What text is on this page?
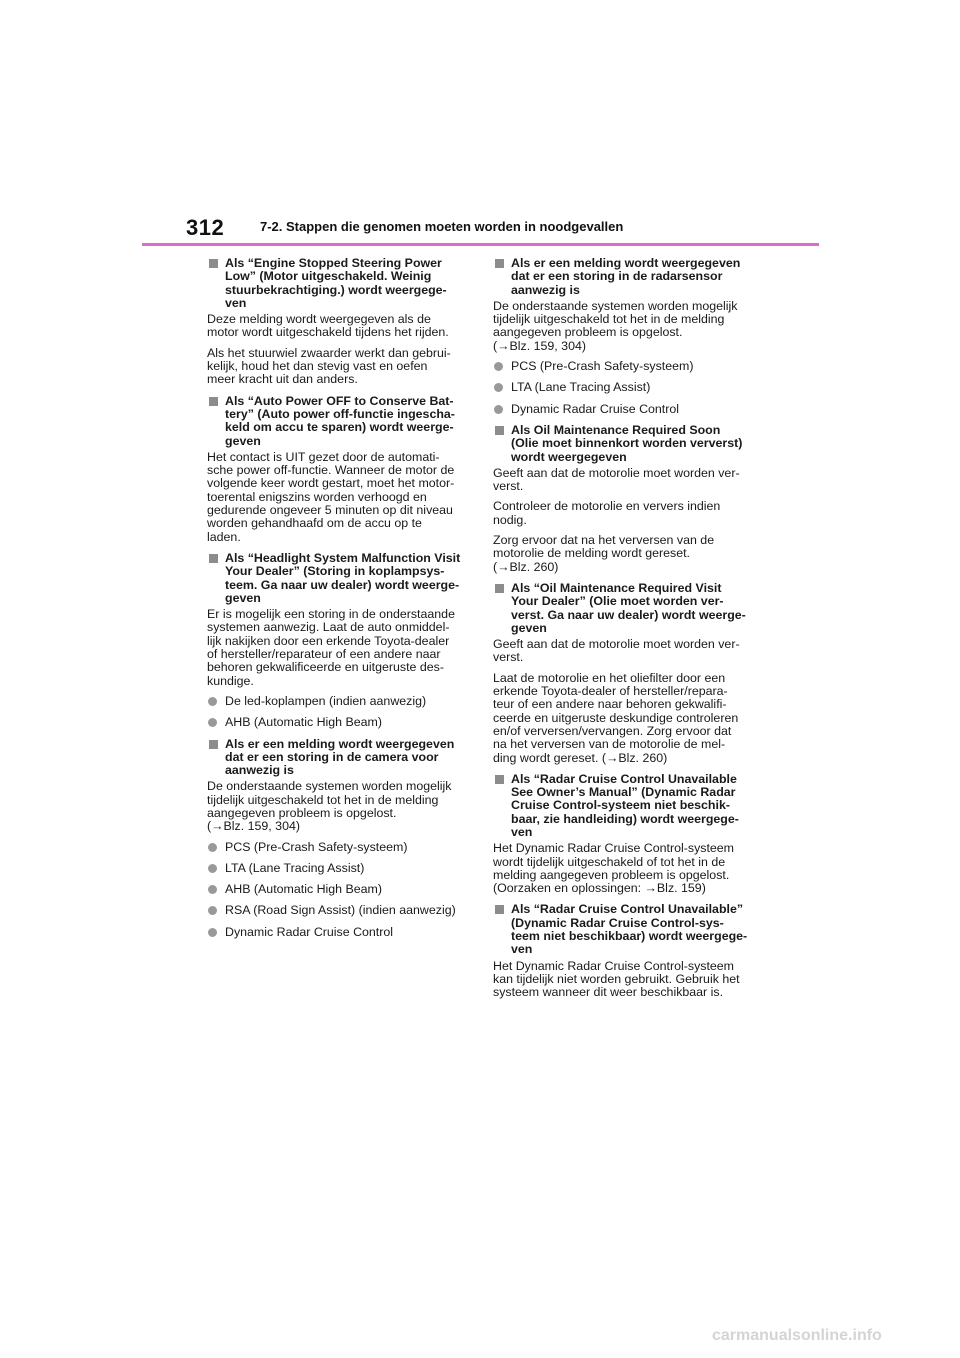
312	7-2. Stappen die genomen moeten worden in noodgevallen
Als “Engine Stopped Steering Power
Low” (Motor uitgeschakeld. Weinig
stuurbekrachtiging.) wordt weergege-
ven
Deze melding wordt weergegeven als de
motor wordt uitgeschakeld tijdens het rijden.
Als het stuurwiel zwaarder werkt dan gebrui-
kelijk, houd het dan stevig vast en oefen
meer kracht uit dan anders.
Als “Auto Power OFF to Conserve Bat-
tery” (Auto power off-functie ingescha-
keld om accu te sparen) wordt weerge-
geven
Het contact is UIT gezet door de automati-
sche power off-functie. Wanneer de motor de
volgende keer wordt gestart, moet het motor-
toerental enigszins worden verhoogd en
gedurende ongeveer 5 minuten op dit niveau
worden gehandhaafd om de accu op te
laden.
Als “Headlight System Malfunction Visit
Your Dealer” (Storing in koplampsys-
teem. Ga naar uw dealer) wordt weerge-
geven
Er is mogelijk een storing in de onderstaande
systemen aanwezig. Laat de auto onmiddel-
lijk nakijken door een erkende Toyota-dealer
of hersteller/reparateur of een andere naar
behoren gekwalificeerde en uitgeruste des-
kundige.
De led-koplampen (indien aanwezig)
AHB (Automatic High Beam)
Als er een melding wordt weergegeven
dat er een storing in de camera voor
aanwezig is
De onderstaande systemen worden mogelijk
tijdelijk uitgeschakeld tot het in de melding
aangegeven probleem is opgelost.
(→Blz. 159, 304)
PCS (Pre-Crash Safety-systeem)
LTA (Lane Tracing Assist)
AHB (Automatic High Beam)
RSA (Road Sign Assist) (indien aanwezig)
Dynamic Radar Cruise Control
Als er een melding wordt weergegeven
dat er een storing in de radarsensor
aanwezig is
De onderstaande systemen worden mogelijk
tijdelijk uitgeschakeld tot het in de melding
aangegeven probleem is opgelost.
(→Blz. 159, 304)
PCS (Pre-Crash Safety-systeem)
LTA (Lane Tracing Assist)
Dynamic Radar Cruise Control
Als Oil Maintenance Required Soon
(Olie moet binnenkort worden ververst)
wordt weergegeven
Geeft aan dat de motorolie moet worden ver-
verst.
Controleer de motorolie en ververs indien
nodig.
Zorg ervoor dat na het verversen van de
motorolie de melding wordt gereset.
(→Blz. 260)
Als “Oil Maintenance Required Visit
Your Dealer” (Olie moet worden ver-
verst. Ga naar uw dealer) wordt weerge-
geven
Geeft aan dat de motorolie moet worden ver-
verst.
Laat de motorolie en het oliefilter door een
erkende Toyota-dealer of hersteller/repara-
teur of een andere naar behoren gekwalifi-
ceerde en uitgeruste deskundige controleren
en/of verversen/vervangen. Zorg ervoor dat
na het verversen van de motorolie de mel-
ding wordt gereset. (→Blz. 260)
Als “Radar Cruise Control Unavailable
See Owner’s Manual” (Dynamic Radar
Cruise Control-systeem niet beschik-
baar, zie handleiding) wordt weergege-
ven
Het Dynamic Radar Cruise Control-systeem
wordt tijdelijk uitgeschakeld of tot het in de
melding aangegeven probleem is opgelost.
(Oorzaken en oplossingen: →Blz. 159)
Als “Radar Cruise Control Unavailable”
(Dynamic Radar Cruise Control-sys-
teem niet beschikbaar) wordt weergege-
ven
Het Dynamic Radar Cruise Control-systeem
kan tijdelijk niet worden gebruikt. Gebruik het
systeem wanneer dit weer beschikbaar is.
carmanualsonline.info
